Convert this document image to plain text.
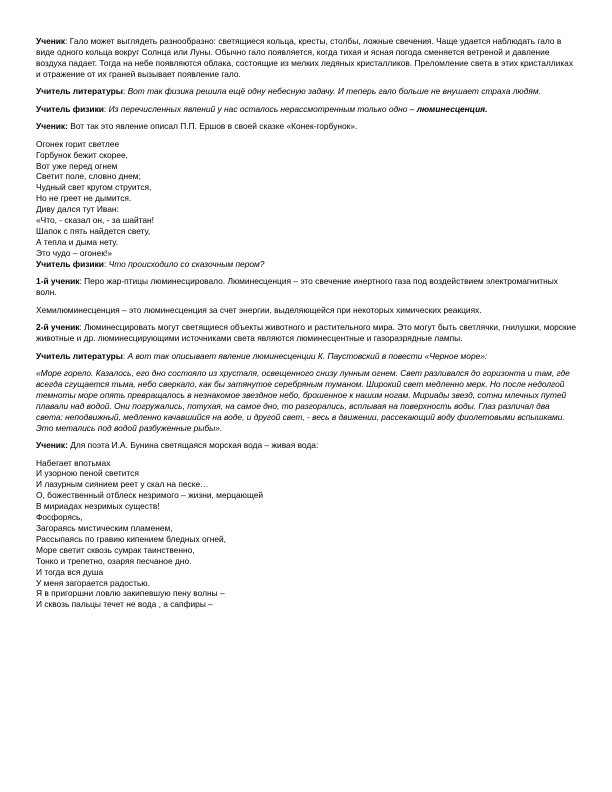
Ученик: Гало может выглядеть разнообразно: светящиеся кольца, кресты, столбы, ложные свечения. Чаще удается наблюдать гало в виде одного кольца вокруг Солнца или Луны. Обычно гало появляется, когда тихая и ясная погода сменяется ветреной и давление воздуха падает. Тогда на небе появляются облака, состоящие из мелких ледяных кристалликов. Преломление света в этих кристалликах и отражение от их граней вызывает появление гало.

Учитель литературы: Вот так физика решила ещё одну небесную задачу. И теперь гало больше не внушает страха людям.

Учитель физики: Из перечисленных явлений у нас осталось нерассмотренным только одно – люминесценция.

Ученик: Вот так это явление описал П.П. Ершов в своей сказке «Конек-горбунок».

Огонек горит светлее
Горбунок бежит скорее,
Вот уже перед огнем
Светит поле, словно днем;
Чудный свет кругом струится,
Но не греет не дымится.
Диву дался тут Иван:
«Что, - сказал он, - за шайтан!
Шапок с пять найдется свету,
А тепла и дыма нету.
Это чудо – огонек!»

Учитель физики: Что происходило со сказочным пером?

1-й ученик: Перо жар-птицы люминесцировало. Люминесценция – это свечение инертного газа под воздействием электромагнитных волн.

Хемилюминесценция – это люминесценция за счет энергии, выделяющейся при некоторых химических реакциях.

2-й ученик: Люминесцировать могут светящиеся объекты животного и растительного мира. Это могут быть светлячки, гнилушки, морские животные и др. люминесцирующими источниками света являются люминесцентные и газоразрядные лампы.

Учитель литературы: А вот так описывает явление люминесценции К. Паустовский в повести «Черное море»:

«Море горело. Казалось, его дно состояло из хрусталя, освещенного снизу лунным огнем. Свет разливался до горизонта и там, где всегда сгущается тьма, небо сверкало, как бы затянутое серебряным туманом. Широкий свет медленно мерк. Но после недолгой темноты море опять превращалось в незнакомое звездное небо, брошенное к нашим ногам. Мириады звезд, сотни млечных путей плавали над водой. Они погружались, потухая, на самое дно, то разгорались, всплывая на поверхность воды. Глаз различал два света: неподвижный, медленно качавшийся на воде, и другой свет, - весь в движении, рассекающий воду фиолетовыми вспышками. Это метались под водой разбуженные рыбы».

Ученик: Для поэта И.А. Бунина светящаяся морская вода – живая вода:

Набегает впотьмах
И узорною пеной светится
И лазурным сиянием реет у скал на песке…
О, божественный отблеск незримого – жизни, мерцающей
В мириадах незримых существ!
Фосфорясь,
Загораясь мистическим пламенем,
Рассыпаясь по гравию кипением бледных огней,
Море светит сквозь сумрак таинственно,
Тонко и трепетно, озаряя песчаное дно.
И тогда вся душа
У меня загорается радостью.
Я в пригоршни ловлю закипевшую пену волны –
И сквозь пальцы течет не вода , а сапфиры –
